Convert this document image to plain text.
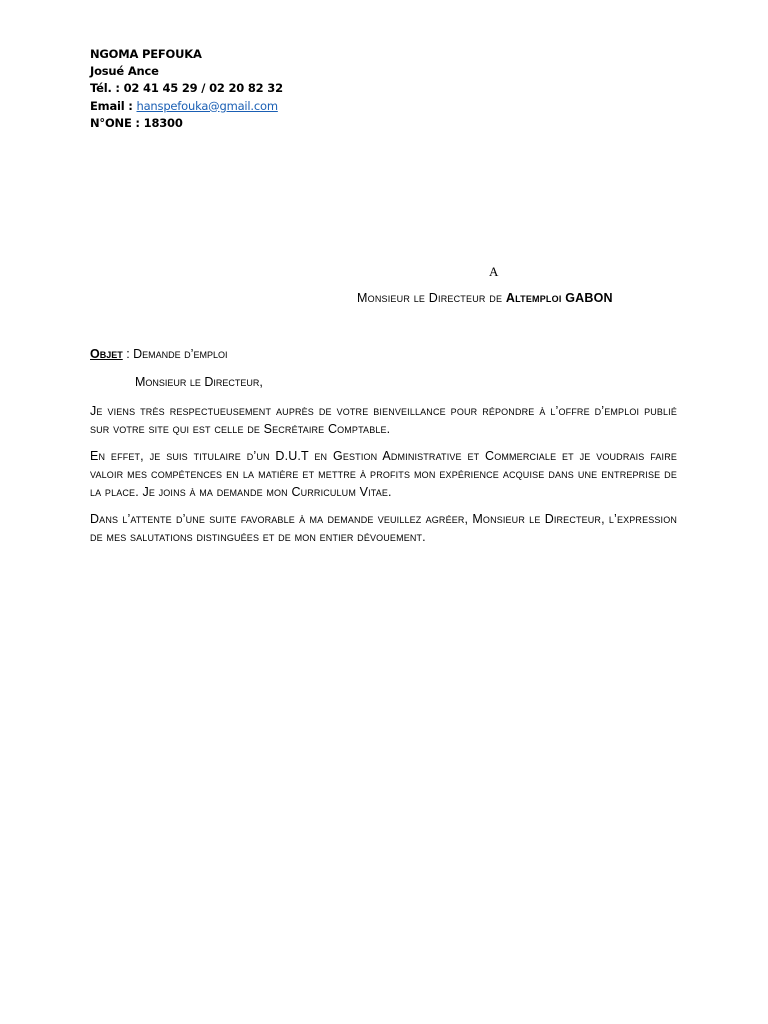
NGOMA PEFOUKA
Josué Ance
Tél. : 02 41 45 29 / 02 20 82 32
Email : hanspefouka@gmail.com
N°ONE : 18300
A
Monsieur le Directeur de Altemploi GABON
Objet : Demande d’emploi
Monsieur le Directeur,
Je viens très respectueusement auprès de votre bienveillance pour répondre à l’offre d’emploi publié sur votre site qui est celle de Secrétaire Comptable.
En effet, je suis titulaire d’un D.U.T en Gestion Administrative et Commerciale et je voudrais faire valoir mes compétences en la matière et mettre à profits mon expérience acquise dans une entreprise de la place. Je joins à ma demande mon Curriculum Vitae.
Dans l’attente d’une suite favorable à ma demande veuillez agréer, Monsieur le Directeur, l’expression de mes salutations distinguées et de mon entier dévouement.
